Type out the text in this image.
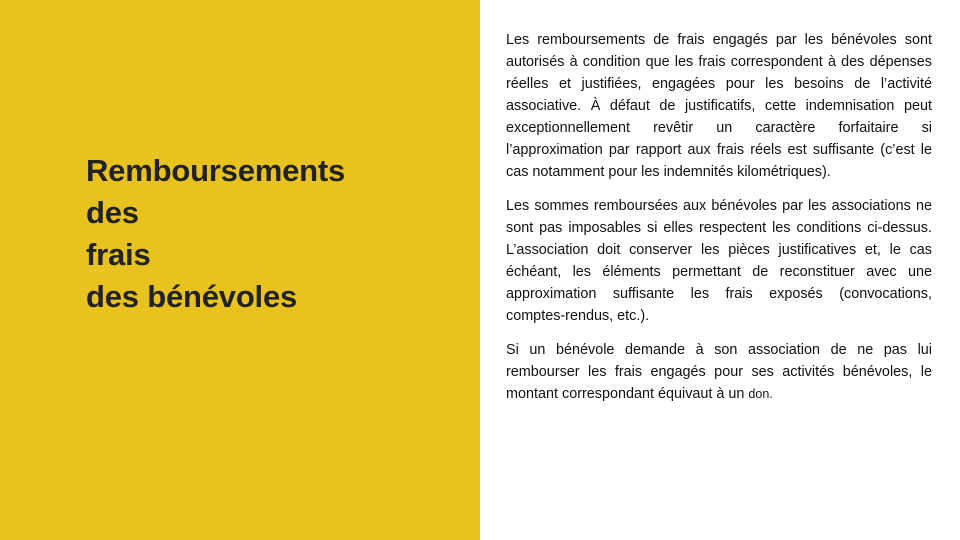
Remboursements
des
frais
des bénévoles

Les remboursements de frais engagés par les bénévoles sont autorisés à condition que les frais correspondent à des dépenses réelles et justifiées, engagées pour les besoins de l’activité associative. À défaut de justificatifs, cette indemnisation peut exceptionnellement revêtir un caractère forfaitaire si l’approximation par rapport aux frais réels est suffisante (c’est le cas notamment pour les indemnités kilométriques).

Les sommes remboursées aux bénévoles par les associations ne sont pas imposables si elles respectent les conditions ci-dessus. L’association doit conserver les pièces justificatives et, le cas échéant, les éléments permettant de reconstituer avec une approximation suffisante les frais exposés (convocations, comptes-rendus, etc.).

Si un bénévole demande à son association de ne pas lui rembourser les frais engagés pour ses activités bénévoles, le montant correspondant équivaut à un don.
